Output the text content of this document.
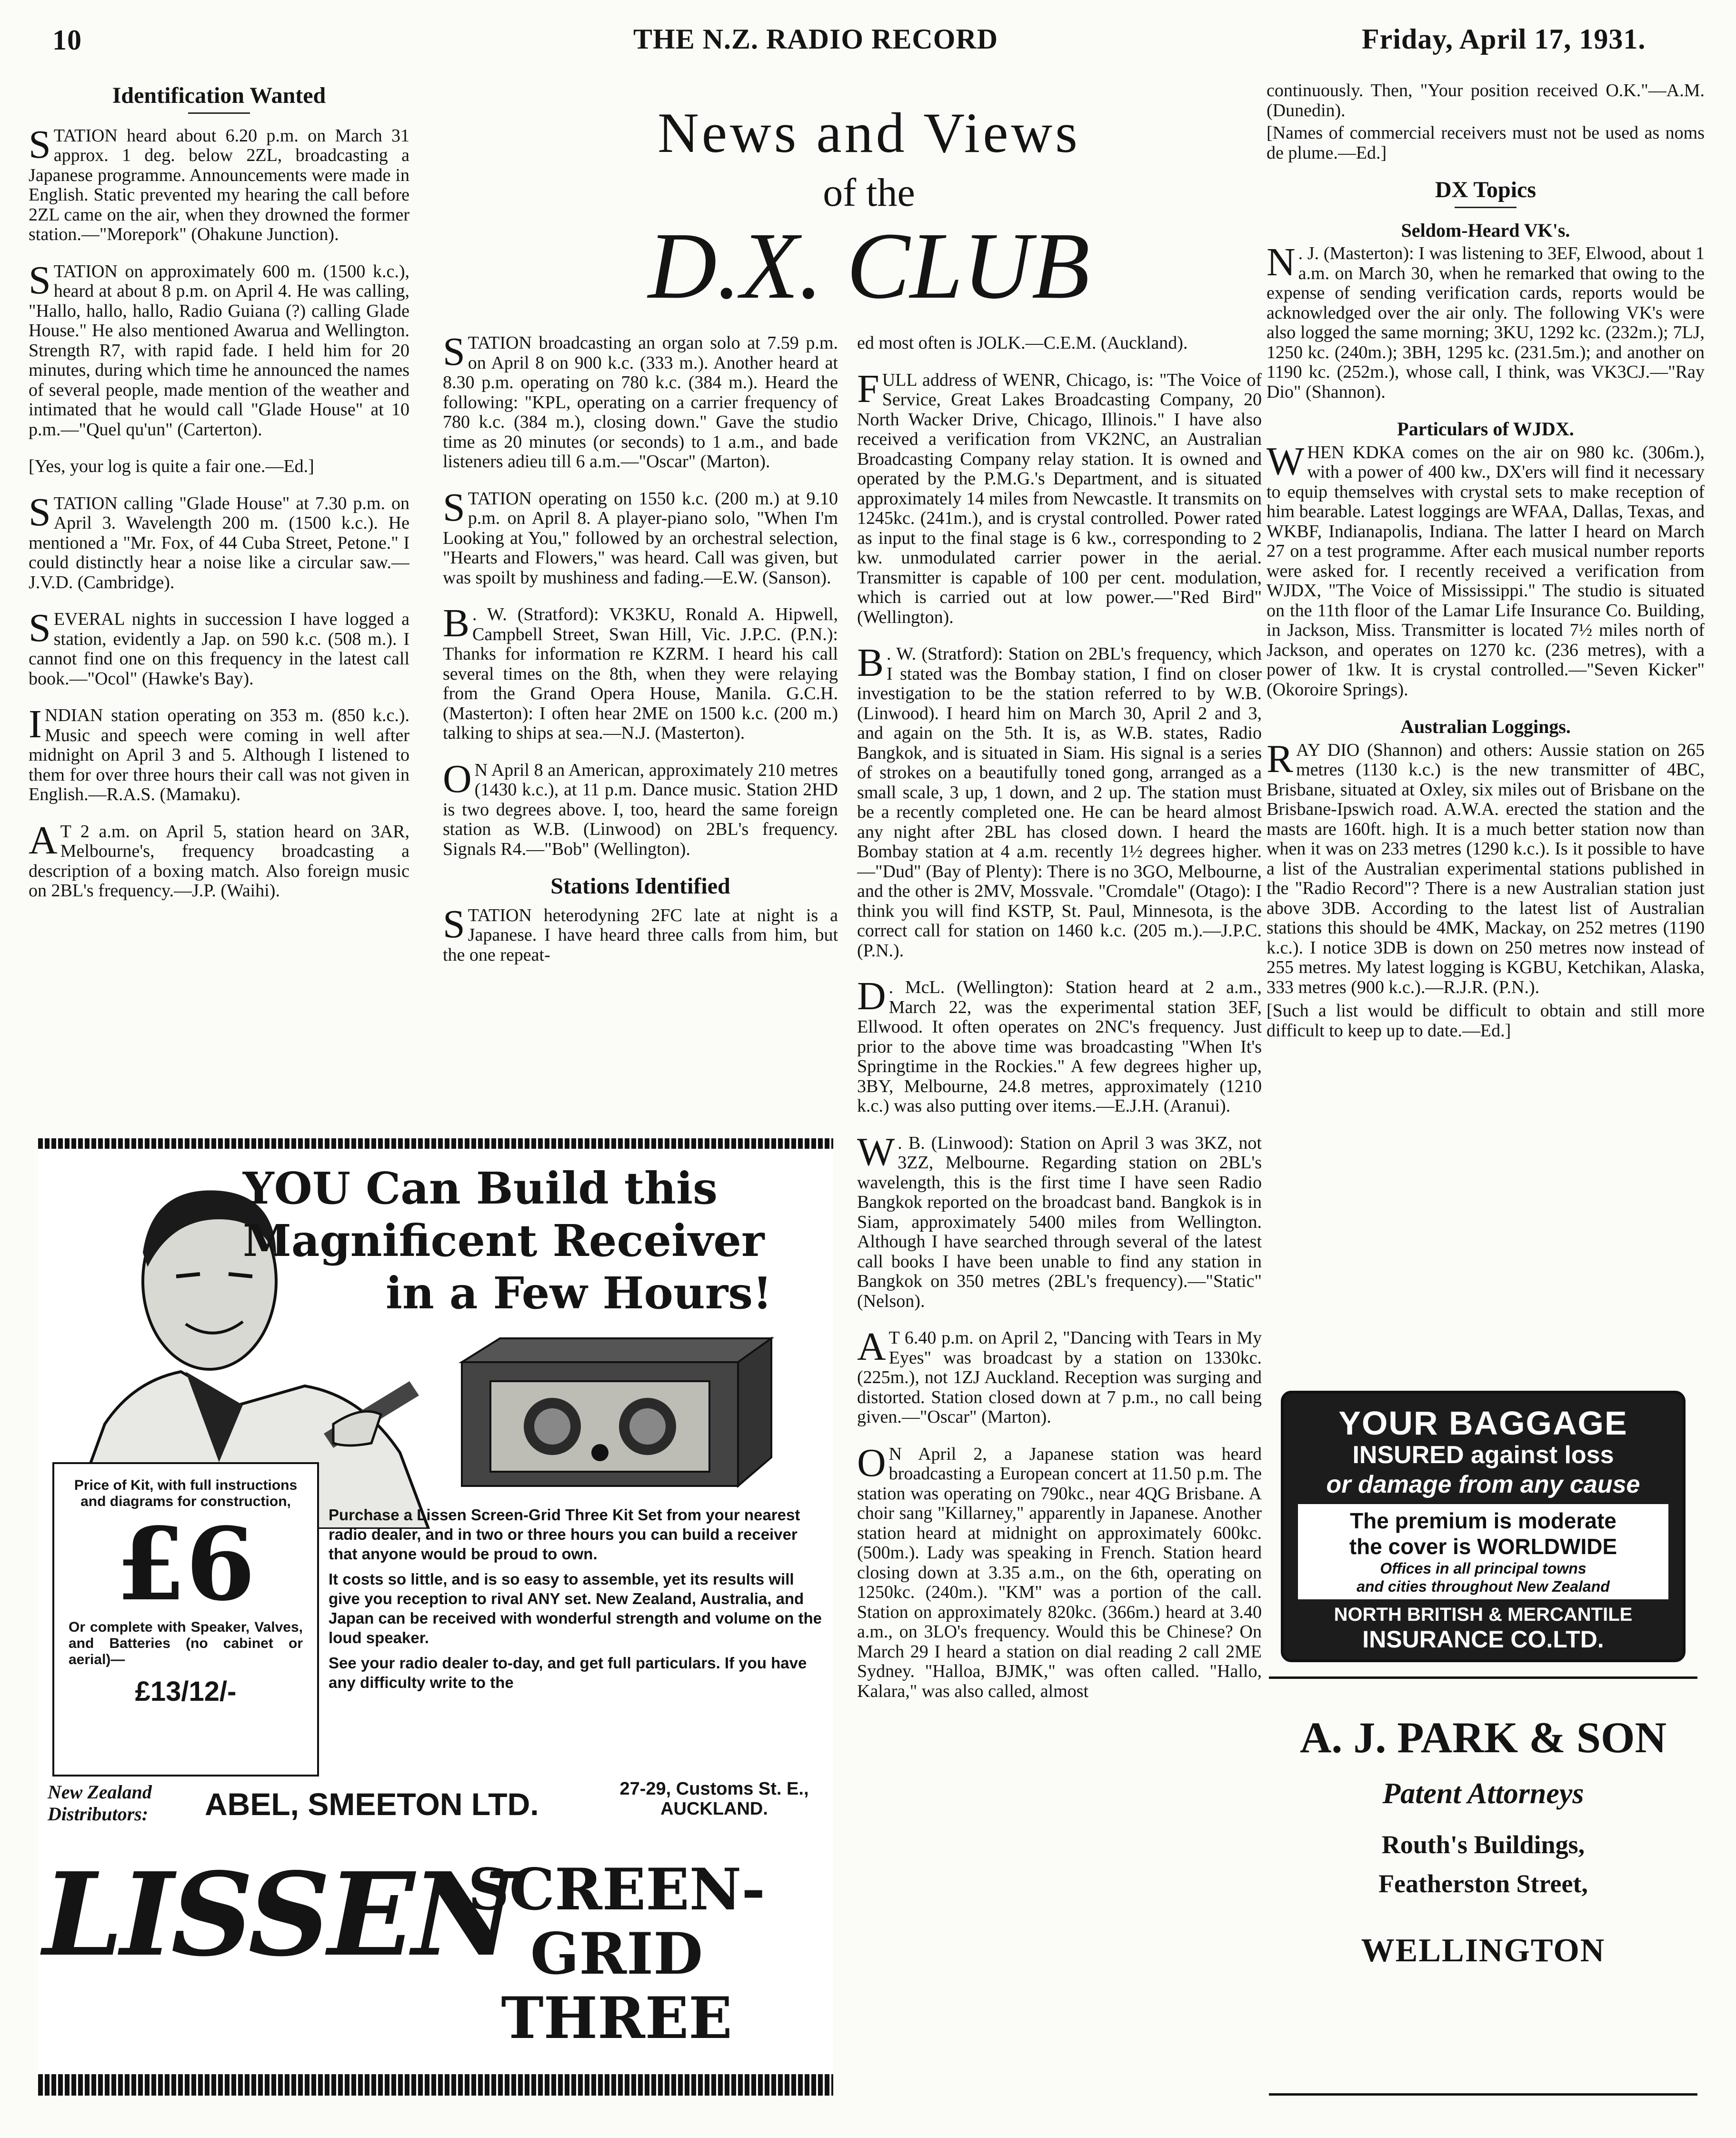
10	THE N.Z. RADIO RECORD	Friday, April 17, 1931.
News and Views
of the
D.X. CLUB
Identification Wanted

STATION heard about 6.20 p.m. on March 31 approx. 1 deg. below 2ZL, broadcasting a Japanese programme. Announcements were made in English. Static prevented my hearing the call before 2ZL came on the air, when they drowned the former station.—"Morepork" (Ohakune Junction).

STATION on approximately 600 m. (1500 k.c.), heard at about 8 p.m. on April 4. He was calling, "Hallo, hallo, hallo, Radio Guiana (?) calling Glade House." He also mentioned Awarua and Wellington. Strength R7, with rapid fade. I held him for 20 minutes, during which time he announced the names of several people, made mention of the weather and intimated that he would call "Glade House" at 10 p.m.—"Quel qu'un" (Carterton).

[Yes, your log is quite a fair one.—Ed.]

STATION calling "Glade House" at 7.30 p.m. on April 3. Wavelength 200 m. (1500 k.c.). He mentioned a "Mr. Fox, of 44 Cuba Street, Petone." I could distinctly hear a noise like a circular saw.—J.V.D. (Cambridge).

SEVERAL nights in succession I have logged a station, evidently a Jap. on 590 k.c. (508 m.). I cannot find one on this frequency in the latest call book.—"Ocol" (Hawke's Bay).

INDIAN station operating on 353 m. (850 k.c.). Music and speech were coming in well after midnight on April 3 and 5. Although I listened to them for over three hours their call was not given in English.—R.A.S. (Mamaku).

A T 2 a.m. on April 5, station heard on 3AR, Melbourne's, frequency broadcasting a description of a boxing match. Also foreign music on 2BL's frequency.—J.P. (Waihi).

STATION broadcasting an organ solo at 7.59 p.m. on April 8 on 900 k.c. (333 m.). Another heard at 8.30 p.m. operating on 780 k.c. (384 m.). Heard the following: "KPL, operating on a carrier frequency of 780 k.c. (384 m.), closing down." Gave the studio time as 20 minutes (or seconds) to 1 a.m., and bade listeners adieu till 6 a.m.—"Oscar" (Marton).

STATION operating on 1550 k.c. (200 m.) at 9.10 p.m. on April 8. A player-piano solo, "When I'm Looking at You," followed by an orchestral selection, "Hearts and Flowers," was heard. Call was given, but was spoilt by mushiness and fading.—E.W. (Sanson).

B . W. (Stratford): VK3KU, Ronald A. Hipwell, Campbell Street, Swan Hill, Vic. J.P.C. (P.N.): Thanks for information re KZRM. I heard his call several times on the 8th, when they were relaying from the Grand Opera House, Manila. G.C.H. (Masterton): I often hear 2ME on 1500 k.c. (200 m.) talking to ships at sea.—N.J. (Masterton).

O N April 8 an American, approximately 210 metres (1430 k.c.), at 11 p.m. Dance music. Station 2HD is two degrees above. I, too, heard the same foreign station as W.B. (Linwood) on 2BL's frequency. Signals R4.—"Bob" (Wellington).

Stations Identified

STATION heterodyning 2FC late at night is a Japanese. I have heard three calls from him, but the one repeat-

ed most often is JOLK.—C.E.M. (Auckland).

FULL address of WENR, Chicago, is: "The Voice of Service, Great Lakes Broadcasting Company, 20 North Wacker Drive, Chicago, Illinois." I have also received a verification from VK2NC, an Australian Broadcasting Company relay station. It is owned and operated by the P.M.G.'s Department, and is situated approximately 14 miles from Newcastle. It transmits on 1245kc. (241m.), and is crystal controlled. Power rated as input to the final stage is 6 kw., corresponding to 2 kw. unmodulated carrier power in the aerial. Transmitter is capable of 100 per cent. modulation, which is carried out at low power.—"Red Bird" (Wellington).

B . W. (Stratford): Station on 2BL's frequency, which I stated was the Bombay station, I find on closer investigation to be the station referred to by W.B. (Linwood). I heard him on March 30, April 2 and 3, and again on the 5th. It is, as W.B. states, Radio Bangkok, and is situated in Siam. His signal is a series of strokes on a beautifully toned gong, arranged as a small scale, 3 up, 1 down, and 2 up. The station must be a recently completed one. He can be heard almost any night after 2BL has closed down. I heard the Bombay station at 4 a.m. recently 1½ degrees higher.—"Dud" (Bay of Plenty): There is no 3GO, Melbourne, and the other is 2MV, Mossvale. "Cromdale" (Otago): I think you will find KSTP, St. Paul, Minnesota, is the correct call for station on 1460 k.c. (205 m.).—J.P.C. (P.N.).

D . McL. (Wellington): Station heard at 2 a.m., March 22, was the experimental station 3EF, Ellwood. It often operates on 2NC's frequency. Just prior to the above time was broadcasting "When It's Springtime in the Rockies." A few degrees higher up, 3BY, Melbourne, 24.8 metres, approximately (1210 k.c.) was also putting over items.—E.J.H. (Aranui).

W . B. (Linwood): Station on April 3 was 3KZ, not 3ZZ, Melbourne. Regarding station on 2BL's wavelength, this is the first time I have seen Radio Bangkok reported on the broadcast band. Bangkok is in Siam, approximately 5400 miles from Wellington. Although I have searched through several of the latest call books I have been unable to find any station in Bangkok on 350 metres (2BL's frequency).—"Static" (Nelson).

A T 6.40 p.m. on April 2, "Dancing with Tears in My Eyes" was broadcast by a station on 1330kc. (225m.), not 1ZJ Auckland. Reception was surging and distorted. Station closed down at 7 p.m., no call being given.—"Oscar" (Marton).

O N April 2, a Japanese station was heard broadcasting a European concert at 11.50 p.m. The station was operating on 790kc., near 4QG Brisbane. A choir sang "Killarney," apparently in Japanese. Another station heard at midnight on approximately 600kc. (500m.). Lady was speaking in French. Station heard closing down at 3.35 a.m., on the 6th, operating on 1250kc. (240m.). "KM" was a portion of the call. Station on approximately 820kc. (366m.) heard at 3.40 a.m., on 3LO's frequency. Would this be Chinese? On March 29 I heard a station on dial reading 2 call 2ME Sydney. "Halloa, BJMK," was often called. "Hallo, Kalara," was also called, almost

continuously. Then, "Your position received O.K."—A.M. (Dunedin).

[Names of commercial receivers must not be used as noms de plume.—Ed.]

DX Topics
Seldom-Heard VK's.

N . J. (Masterton): I was listening to 3EF, Elwood, about 1 a.m. on March 30, when he remarked that owing to the expense of sending verification cards, reports would be acknowledged over the air only. The following VK's were also logged the same morning; 3KU, 1292 kc. (232m.); 7LJ, 1250 kc. (240m.); 3BH, 1295 kc. (231.5m.); and another on 1190 kc. (252m.), whose call, I think, was VK3CJ.—"Ray Dio" (Shannon).

Particulars of WJDX.

WHEN KDKA comes on the air on 980 kc. (306m.), with a power of 400 kw., DX'ers will find it necessary to equip themselves with crystal sets to make reception of him bearable. Latest loggings are WFAA, Dallas, Texas, and WKBF, Indianapolis, Indiana. The latter I heard on March 27 on a test programme. After each musical number reports were asked for. I recently received a verification from WJDX, "The Voice of Mississippi." The studio is situated on the 11th floor of the Lamar Life Insurance Co. Building, in Jackson, Miss. Transmitter is located 7½ miles north of Jackson, and operates on 1270 kc. (236 metres), with a power of 1kw. It is crystal controlled.—"Seven Kicker" (Okoroire Springs).

Australian Loggings.

RAY DIO (Shannon) and others: Aussie station on 265 metres (1130 k.c.) is the new transmitter of 4BC, Brisbane, situated at Oxley, six miles out of Brisbane on the Brisbane-Ipswich road. A.W.A. erected the station and the masts are 160ft. high. It is a much better station now than when it was on 233 metres (1290 k.c.). Is it possible to have a list of the Australian experimental stations published in the "Radio Record"? There is a new Australian station just above 3DB. According to the latest list of Australian stations this should be 4MK, Mackay, on 252 metres (1190 k.c.). I notice 3DB is down on 250 metres now instead of 255 metres. My latest logging is KGBU, Ketchikan, Alaska, 333 metres (900 k.c.).—R.J.R. (P.N.).

[Such a list would be difficult to obtain and still more difficult to keep up to date.—Ed.]

YOU Can Build this
Magnificent Receiver
in a Few Hours!
Price of Kit, with full instructions and diagrams for construction,
£6
Or complete with Speaker, Valves, and Batteries (no cabinet or aerial)—
£13/12/-

Purchase a Lissen Screen-Grid Three Kit Set from your nearest radio dealer, and in two or three hours you can build a receiver that anyone would be proud to own.

It costs so little, and is so easy to assemble, yet its results will give you reception to rival ANY set. New Zealand, Australia, and Japan can be received with wonderful strength and volume on the loud speaker.

See your radio dealer to-day, and get full particulars. If you have any difficulty write to the

New Zealand Distributors:	ABEL, SMEETON LTD.	27-29, Customs St. E., AUCKLAND.
LISSEN
SCREEN-
GRID THREE
YOUR BAGGAGE
INSURED against loss
or damage from any cause
The premium is moderate
the cover is WORLDWIDE
Offices in all principal towns
and cities throughout New Zealand
NORTH BRITISH & MERCANTILE
INSURANCE CO.LTD.
A. J. PARK & SON
Patent Attorneys
Routh's Buildings,
Featherston Street,
WELLINGTON
